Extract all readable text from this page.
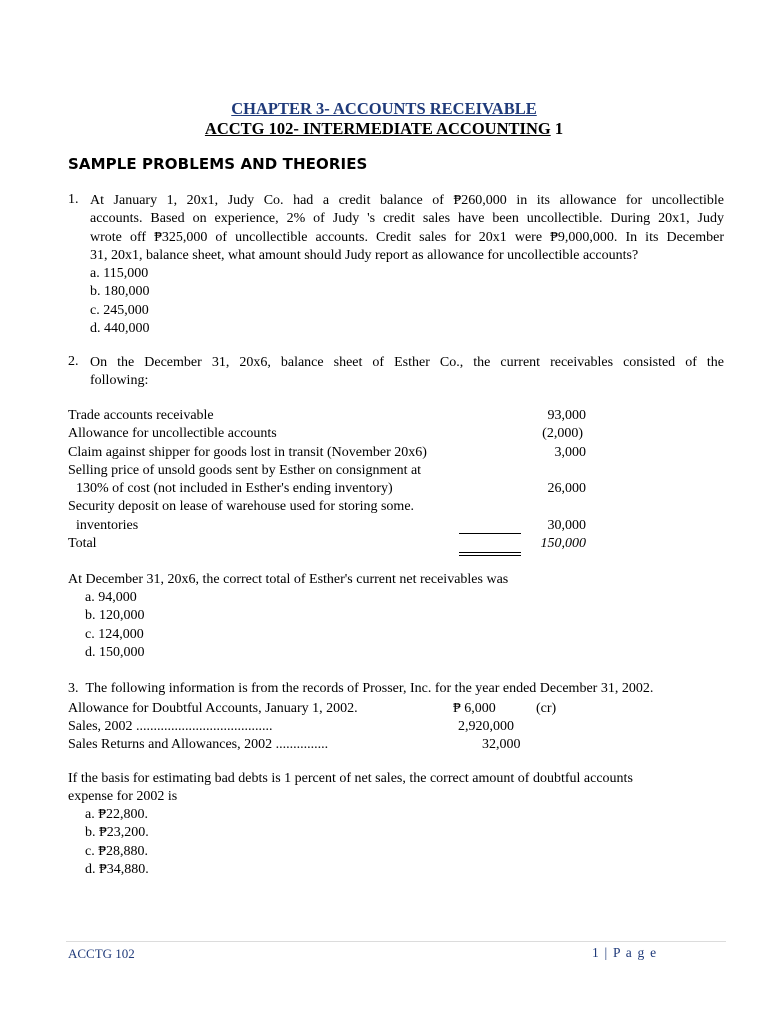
CHAPTER 3- ACCOUNTS RECEIVABLE
ACCTG 102- INTERMEDIATE ACCOUNTING 1
SAMPLE PROBLEMS AND THEORIES
1. At January 1, 20x1, Judy Co. had a credit balance of ₱260,000 in its allowance for uncollectible
accounts. Based on experience, 2% of Judy 's credit sales have been uncollectible. During 20x1, Judy
wrote off ₱325,000 of uncollectible accounts. Credit sales for 20x1 were ₱9,000,000. In its December
31, 20x1, balance sheet, what amount should Judy report as allowance for uncollectible accounts?
a. 115,000
b. 180,000
c. 245,000
d. 440,000
2. On the December 31, 20x6, balance sheet of Esther Co., the current receivables consisted of the
following:
Trade accounts receivable	93,000
Allowance for uncollectible accounts	(2,000)
Claim against shipper for goods lost in transit (November 20x6)	3,000
Selling price of unsold goods sent by Esther on consignment at
130% of cost (not included in Esther's ending inventory)	26,000
Security deposit on lease of warehouse used for storing some.
inventories	30,000
Total	150,000
At December 31, 20x6, the correct total of Esther's current net receivables was
a. 94,000
b. 120,000
c. 124,000
d. 150,000
3. The following information is from the records of Prosser, Inc. for the year ended December 31, 2002.
Allowance for Doubtful Accounts, January 1, 2002.	₱ 6,000	(cr)
Sales, 2002 .......................................	2,920,000
Sales Returns and Allowances, 2002 ...............	32,000
If the basis for estimating bad debts is 1 percent of net sales, the correct amount of doubtful accounts
expense for 2002 is
a. ₱22,800.
b. ₱23,200.
c. ₱28,880.
d. ₱34,880.
ACCTG 102	1 | P a g e
